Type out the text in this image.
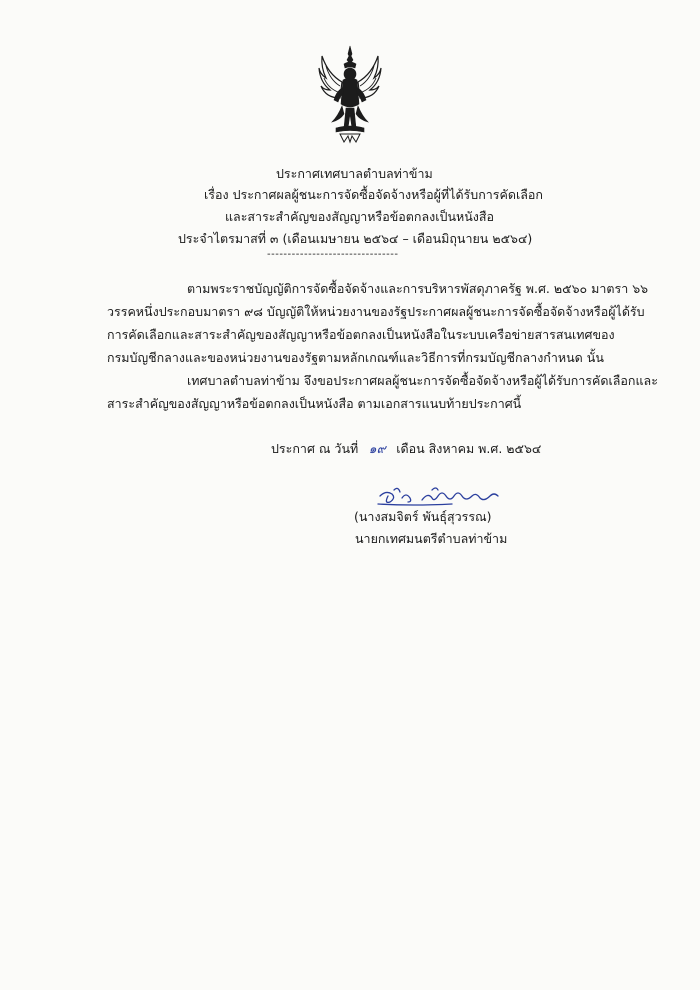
ประกาศเทศบาลตำบลท่าข้าม
เรื่อง ประกาศผลผู้ชนะการจัดซื้อจัดจ้างหรือผู้ที่ได้รับการคัดเลือก
และสาระสำคัญของสัญญาหรือข้อตกลงเป็นหนังสือ
ประจำไตรมาสที่ ๓ (เดือนเมษายน ๒๕๖๔ – เดือนมิถุนายน ๒๕๖๔)
--------------------------------
ตามพระราชบัญญัติการจัดซื้อจัดจ้างและการบริหารพัสดุภาครัฐ พ.ศ. ๒๕๖๐ มาตรา ๖๖
วรรคหนึ่งประกอบมาตรา ๙๘ บัญญัติให้หน่วยงานของรัฐประกาศผลผู้ชนะการจัดซื้อจัดจ้างหรือผู้ได้รับ
การคัดเลือกและสาระสำคัญของสัญญาหรือข้อตกลงเป็นหนังสือในระบบเครือข่ายสารสนเทศของ
กรมบัญชีกลางและของหน่วยงานของรัฐตามหลักเกณฑ์และวิธีการที่กรมบัญชีกลางกำหนด นั้น
เทศบาลตำบลท่าข้าม จึงขอประกาศผลผู้ชนะการจัดซื้อจัดจ้างหรือผู้ได้รับการคัดเลือกและ
สาระสำคัญของสัญญาหรือข้อตกลงเป็นหนังสือ ตามเอกสารแนบท้ายประกาศนี้
ประกาศ ณ วันที่ ๑๙ เดือน สิงหาคม พ.ศ. ๒๕๖๔
(นางสมจิตร์ พันธุ์สุวรรณ)
นายกเทศมนตรีตำบลท่าข้าม
